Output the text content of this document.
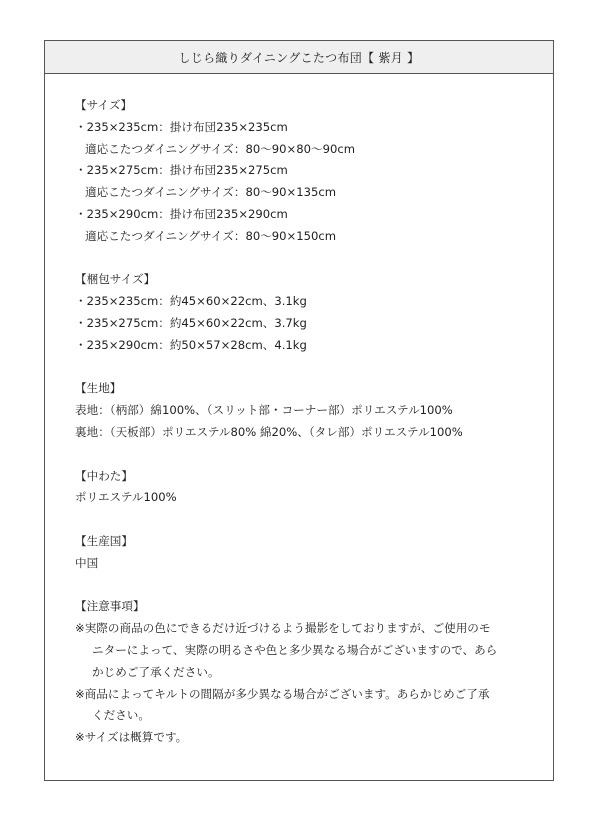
しじら織りダイニングこたつ布団【 紫月 】
【サイズ】
・235×235cm：掛け布団235×235cm
適応こたつダイニングサイズ：80～90×80～90cm
・235×275cm：掛け布団235×275cm
適応こたつダイニングサイズ：80～90×135cm
・235×290cm：掛け布団235×290cm
適応こたつダイニングサイズ：80～90×150cm
【梱包サイズ】
・235×235cm：約45×60×22cm、3.1kg
・235×275cm：約45×60×22cm、3.7kg
・235×290cm：約50×57×28cm、4.1kg
【生地】
表地：（柄部）綿100%、（スリット部・コーナー部）ポリエステル100%
裏地：（天板部）ポリエステル80% 綿20%、（タレ部）ポリエステル100%
【中わた】
ポリエステル100%
【生産国】
中国
【注意事項】
※実際の商品の色にできるだけ近づけるよう撮影をしておりますが、ご使用のモ
ニターによって、実際の明るさや色と多少異なる場合がございますので、あら
かじめご了承ください。
※商品によってキルトの間隔が多少異なる場合がございます。あらかじめご了承
ください。
※サイズは概算です。
